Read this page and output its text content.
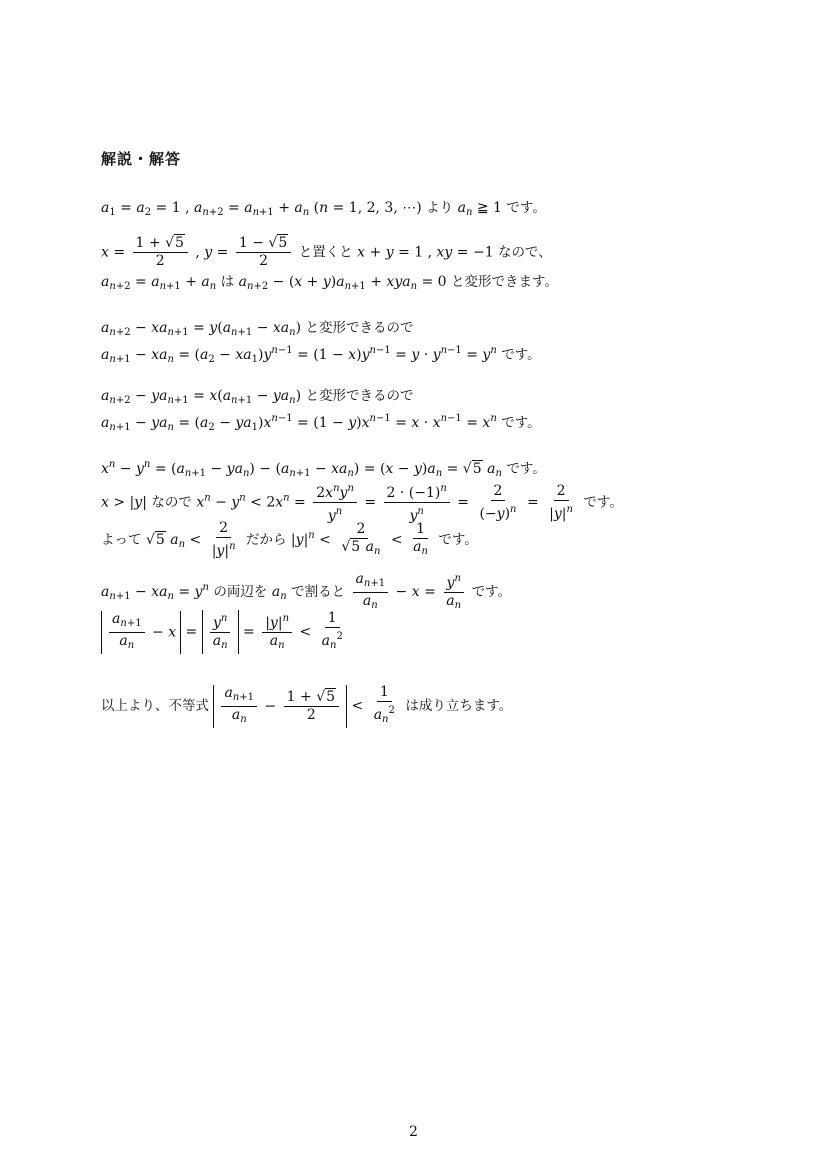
解説・解答
$a_1 = a_2 = 1$ , $a_{n+2} = a_{n+1} + a_n$ (n = 1, 2, 3, ⋯) より $a_n$ ≧ 1 です。
$x = \frac{1 + √5}{2}$ , $y = \frac{1 - √5}{2}$ と置くと x + y = 1 , xy = −1 なので、
$a_{n+2} = a_{n+1} + a_n$ は $a_{n+2} - (x + y)a_{n+1} + xya_n = 0$ と変形できます。
$a_{n+2} - xa_{n+1} = y(a_{n+1} - xa_n)$ と変形できるので
$a_{n+1} - xa_n = (a_2 - xa_1)y^{n-1} = (1 - x)y^{n-1} = y \cdot y^{n-1} = y^n$ です。
$a_{n+2} - ya_{n+1} = x(a_{n+1} - ya_n)$ と変形できるので
$a_{n+1} - ya_n = (a_2 - ya_1)x^{n-1} = (1 - y)x^{n-1} = x \cdot x^{n-1} = x^n$ です。
$x^n - y^n = (a_{n+1} - ya_n) - (a_{n+1} - xa_n) = (x - y)a_n = √5$ $a_n$ です。
x > |y| なので $x^n - y^n < 2x^n = \frac{2x^ny^n}{y^n} = \frac{2 \cdot (-1)^n}{y^n} = \frac{2}{(-y)^n} = \frac{2}{|y|^n}$ です。
よって √5 $a_n < \frac{2}{|y|^n}$ だから $|y|^n < \frac{2}{√5 a_n} < \frac{1}{a_n}$ です。
$a_{n+1} - xa_n = y^n$ の両辺を $a_n$ で割ると $\frac{a_{n+1}}{a_n} - x = \frac{y^n}{a_n}$ です。
$\frac{a_{n+1}}{a_n} - x = \frac{y^n}{a_n} = \frac{|y|^n}{a_n} < \frac{1}{a_n^2}$
以上より、不等式 $\frac{a_{n+1}}{a_n} - \frac{1 + √5}{2} < \frac{1}{a_n^2}$ は成り立ちます。
2
